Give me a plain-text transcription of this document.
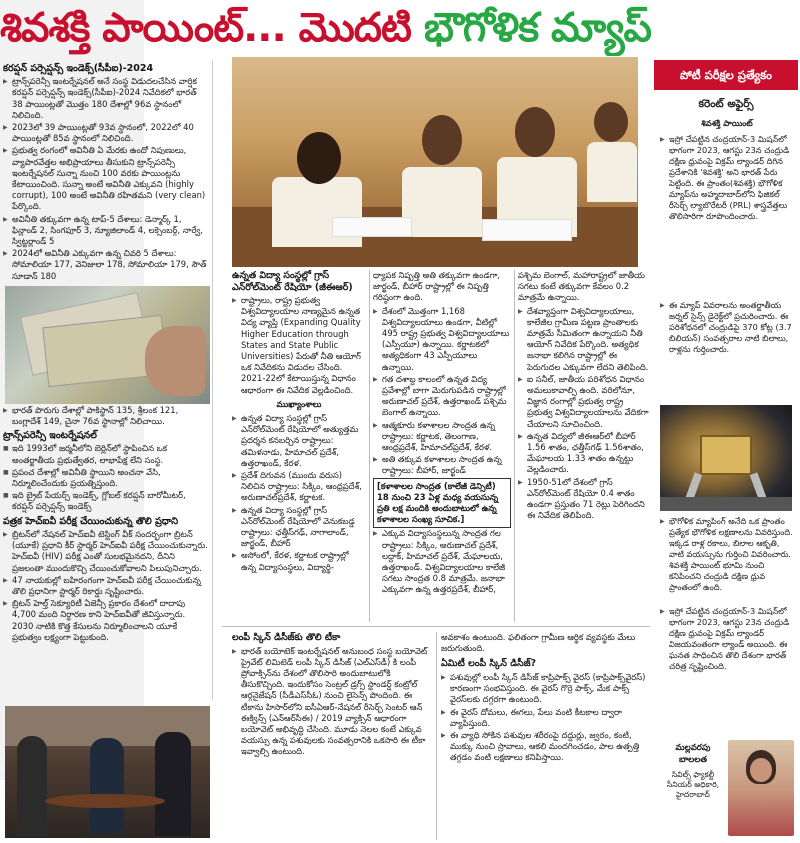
శివశక్తి పాయింట్... మొదటి భౌగోళిక మ్యాప్
కరప్షన్ పర్సెప్షన్స్ ఇండెక్స్(సీపీఐ)-2024
▶ ట్రాన్స్‌పరెన్సీ ఇంటర్నేషనల్ అనే సంస్థ విడుదలచేసిన వార్షిక కరప్షన్ పర్సెప్షన్స్ ఇండెక్స్(సీపీఐ)-2024 నివేదికలో భారత్ 38 పాయింట్లతో మొత్తం 180 దేశాల్లో 96వ స్థానంలో నిలిచింది.
▶ 2023లో 39 పాయింట్లతో 93వ స్థానంలో, 2022లో 40 పాయింట్లతో 85వ స్థానంలో నిలిచింది.
▶ ప్రభుత్వ రంగంలో అవినీతి ఏ మేరకు ఉందో నిపుణులు, వ్యాపారవేత్తల అభిప్రాయాలు తీసుకుని ట్రాన్స్‌పరెన్సీ ఇంటర్నేషనల్ సున్నా నుంచి 100 వరకు పాయింట్లను కేటాయించింది. సున్నా అంటే అవినీతి ఎక్కువని (highly corrupt), 100 అంటే అవినీతి రహితమని (very clean) పేర్కొంది.
▶ అవినీతి తక్కువగా ఉన్న టాప్-5 దేశాలు: డెన్మార్క్ 1, ఫిన్లాండ్ 2, సింగపూర్ 3, న్యూజిలాండ్ 4, లక్సెంబర్గ్, నార్వే, స్విట్జర్లాండ్ 5
▶ 2024లో అవినీతి ఎక్కువగా ఉన్న చివరి 5 దేశాలు: సోమాలియా 177, వెనిజులా 178, సోమాలియా 179, సౌత్ సూడాన్ 180
▶ భారత్ పొరుగు దేశాల్లో పాకిస్థాన్ 135, శ్రీలంక 121, బంగ్లాదేశ్ 149, చైనా 76వ స్థానాల్లో నిలిచాయి.
ట్రాన్స్‌పరెన్సీ ఇంటర్నేషనల్
■ ఇది 1993లో జర్మనీలోని బెర్లిన్‌లో స్థాపించిన ఒక అంతర్జాతీయ ప్రభుత్వేతర, లాభాపేక్ష లేని సంస్థ.
■ ప్రపంచ దేశాల్లో అవినీతి స్థాయిని అంచనా వేసి, నిర్మూలించేందుకు ప్రయత్నిస్తుంది.
■ ఇది బ్రైబ్ పేయర్స్ ఇండెక్స్, గ్లోబల్ కరప్షన్ బారోమీటర్, కరప్షన్ పర్సెప్షన్స్ ఇండెక్స్
పత్రక హెచ్ఐవీ పరీక్ష చేయించుకున్న తొలి ప్రధాని
▶ బ్రిటన్‌లో నేషనల్ హెచ్ఐవీ టెస్టింగ్ వీక్ సందర్భంగా బ్రిటన్ (యూకే) ప్రధాని కీర్ స్టార్మర్ హెచ్ఐవీ పరీక్ష చేయించుకున్నారు. హెచ్ఐవీ (HIV) పరీక్ష ఎంతో సులభమైనదని, దీనిని ప్రజలంతా ముందుకొచ్చి చేయించుకోవాలని పిలుపునిచ్చారు.
▶ 47 నాయకుల్లో బహిరంగంగా హెచ్ఐవీ పరీక్ష చేయించుకున్న తొలి ప్రధానిగా స్టార్మర్ రికార్డు సృష్టించారు.
▶ బ్రిటన్ హెల్త్ సెక్యూరిటీ ఏజెన్సీ ప్రకారం దేశంలో దాదాపు 4,700 మంది నిర్ధారణ కాని హెచ్ఐవీతో జీవిస్తున్నారు. 2030 నాటికి కొత్త కేసులను నిర్మూలించాలని యూకే ప్రభుత్వం లక్ష్యంగా పెట్టుకుంది.
ఉన్నత విద్యా సంస్థల్లో గ్రాస్ ఎన్‌రోల్‌మెంట్ రేషియో (జీఈఆర్)
▶ రాష్ట్రాలు, రాష్ట్ర ప్రభుత్వ విశ్వవిద్యాలయాల నాణ్యమైన ఉన్నత విద్య వ్యాప్తి (Expanding Quality Higher Education through States and State Public Universities) పేరుతో నీతి ఆయోగ్ ఒక నివేదికను విడుదల చేసింది. 2021-22లో కేటాయిస్తున్న విధానం ఆధారంగా ఈ నివేదిక వెల్లడించింది.
ముఖ్యాంశాలు
▶ ఉన్నత విద్యా సంస్థల్లో గ్రాస్ ఎన్‌రోల్‌మెంట్ రేషియోలో అత్యుత్తమ ప్రదర్శన కనబర్చిన రాష్ట్రాలు: తమిళనాడు, హిమాచల్ ప్రదేశ్, ఉత్తరాఖండ్, కేరళ.
▶ ప్రదేశ్ దిగువన (ముందు వరుస) నిలిచిన రాష్ట్రాలు: సిక్కిం, ఆంధ్రప్రదేశ్, అరుణాచల్‌ప్రదేశ్, కర్ణాటక.
▶ ఉన్నత విద్యా సంస్థల్లో గ్రాస్ ఎన్‌రోల్‌మెంట్ రేషియోలో వెనుకబడ్డ రాష్ట్రాలు: ఛత్తీస్‌గఢ్, నాగాలాండ్, జార్ఖండ్, బీహార్
▶ అసోంలో, కేరళ, కర్ణాటక రాష్ట్రాల్లో ఉన్న విద్యాసంస్థలు, విద్యార్థి-
ధ్యాపక నిష్పత్తి అతి తక్కువగా ఉండగా, జార్ఖండ్, బీహార్ రాష్ట్రాల్లో ఈ నిష్పత్తి గరిష్ఠంగా ఉంది.
▶ దేశంలో మొత్తంగా 1,168 విశ్వవిద్యాలయాలు ఉండగా, వీటిల్లో 495 రాష్ట్ర ప్రభుత్వ విశ్వవిద్యాలయాలు (ఎస్పీయూ) ఉన్నాయి. కర్ణాటకలో అత్యధికంగా 43 ఎస్పీయూలు ఉన్నాయి.
▶ గత దశాబ్ద కాలంలో ఉన్నత విద్య ప్రవేశాల్లో బాగా మెరుగుపడిన రాష్ట్రాల్లో అరుణాచల్ ప్రదేశ్, ఉత్తరాఖండ్ పశ్చిమ బెంగాల్ ఉన్నాయి.
▶ ఆత్మకూరు కళాశాలల సాంద్రత ఉన్న రాష్ట్రాలు: కర్ణాటక, తెలంగాణ, ఆంధ్రప్రదేశ్, హిమాచల్‌ప్రదేశ్, కేరళ.
▶ అతి తక్కువ కళాశాలల సాంద్రత ఉన్న రాష్ట్రాలు: బీహార్, జార్ఖండ్
[కళాశాలల సాంద్రత (కాలేజీ డెన్సిటీ) 18 నుంచి 23 ఏళ్ల మధ్య వయసున్న ప్రతి లక్ష మందికి అందుబాటులో ఉన్న కళాశాలల సంఖ్య సూచిక.]
▶ ఎక్కువ విద్యాసంస్థలున్న సాంద్రత గల రాష్ట్రాలు: సిక్కిం, అరుణాచల్ ప్రదేశ్, లద్దాక్, హిమాచల్ ప్రదేశ్, మేఘాలయ, ఉత్తరాఖండ్. విశ్వవిద్యాలయాల కాలేజీ సగటు సాంద్రత 0.8 మాత్రమే. జనాభా ఎక్కువగా ఉన్న ఉత్తరప్రదేశ్, బీహార్,
పశ్చిమ బెంగాల్, మహారాష్ట్రలో జాతీయ సగటు కంటే తక్కువగా కేవలం 0.2 మాత్రమే ఉన్నాయి.
▶ దేశవ్యాప్తంగా విశ్వవిద్యాలయాలు, కాలేజీల గ్రామీణ పట్టణ ప్రాంతాలకు మాత్రమే సీమితంగా ఉన్నాయని నీతి ఆయోగ్ నివేదిక పేర్కొంది. అత్యధిక జనాభా కలిగిన రాష్ట్రాల్లో ఈ పెరుగుదల ఎక్కువగా లేదని తెలిపింది.
▶ ఐ సనీల్, జాతీయ పరిశోధన విధానం అమలుకావాల్సి ఉంది. వరిలోనూ, విజ్ఞాన రంగాల్లో ప్రభుత్వ రాష్ట్ర ప్రభుత్వ విశ్వవిద్యాలయాలను వేదికగా చేయాలని సూచించింది.
▶ ఉన్నత విద్యలో జీఈఆర్‌లో బీహార్ 1.56 శాతం, ఛత్తీస్‌గఢ్ 1.56శాతం, మేఘాలయ 1.33 శాతం ఉన్నట్టు వెల్లడించారు.
▶ 1950-51లో దేశంలో గ్రాస్ ఎన్‌రోల్‌మెంట్ రేషియో 0.4 శాతం ఉండగా ప్రస్తుతం 71 రెట్లు పెరిగిందని ఈ నివేదిక తెలిపింది.
లంపీ స్కిన్ డిసీజ్‌కు తొలి టీకా
▶ భారత్ బయోటెక్ ఇంటర్నేషనల్ అనుబంధ సంస్థ బయోవెట్ ప్రైవేట్ లిమిటెడ్ లంపీ స్కిన్ డిసీజ్ (ఎల్ఎస్‌డీ) కి లంపీ ప్రోవాక్సిన్‌ను దేశంలో తొలిసారి అందుబాటులోకి తీసుకొచ్చింది. ఇందుకోసం సెంట్రల్ డ్రగ్స్ స్టాండర్డ్ కంట్రోల్ ఆర్గనైజేషన్ (సీడీఎస్‌సీఓ) నుంచి లైసెన్స్ పొందింది. ఈ టీకాను హిసార్‌లోని ఐసీఏఆర్-నేషనల్ రీసెర్చ్ సెంటర్ ఆన్ ఈక్విన్స్ (ఎన్ఆర్‌సీఈ) / 2019 వ్యాక్సిన్ ఆధారంగా బయోవెట్ అభివృద్ధి చేసింది. మూడు నెలల కంటే ఎక్కువ వయస్సు ఉన్న పశువులకు సంవత్సరానికి ఒకసారి ఈ టీకా ఇవ్వాల్సి ఉంటుంది.
అవకాశం ఉంటుంది. ఫలితంగా గ్రామీణ ఆర్థిక వ్యవస్థకు మేలు జరుగుతుంది.
ఏమిటీ లంపీ స్కిన్ డిసీజ్?
▶ పశువుల్లో లంపీ స్కిన్ డిసీజ్ కాప్రిపాక్స్ వైరస్ (కాప్రిపాక్స్‌వైరస్) కారణంగా సంభవిస్తుంది. ఈ వైరస్ గొర్రె పాక్స్, మేక పాక్స్ వైరస్‌లకు దగ్గరగా ఉంటుంది.
▶ ఈ వైరస్ దోమలు, ఈగలు, పేలు వంటి కీటకాల ద్వారా వ్యాపిస్తుంది.
▶ ఈ వ్యాధి సోకిన పశువుల శరీరంపై దద్దుర్లు, జ్వరం, కంటి, ముక్కు నుంచి స్రావాలు, ఆకలి మందగించడం, పాల ఉత్పత్తి తగ్గడం వంటి లక్షణాలు కనిపిస్తాయి.
పోటీ పరీక్షల ప్రత్యేకం
కరెంట్ అఫైర్స్
శివశక్తి పాయింట్
▶ ఇస్రో చేపట్టిన చంద్రయాన్-3 మిషన్‌లో భాగంగా 2023, ఆగస్టు 23న చంద్రుడి దక్షిణ ధ్రువంపై విక్రమ్ ల్యాండర్ దిగిన ప్రదేశానికి 'శివశక్తి' అని భారత్ పేరు పెట్టింది. ఈ ప్రాంతం(శివశక్తి) భౌగోళిక మ్యాప్‌ను అహ్మదాబాద్‌లోని ఫిజికల్ రీసెర్చ్ ల్యాబొరేటరీ (PRL) శాస్త్రవేత్తలు తొలిసారిగా రూపొందించారు.
▶ ఈ మ్యాప్ వివరాలను అంతర్జాతీయ జర్నల్ సైన్స్ డైరెక్ట్‌లో ప్రచురించారు. ఈ పరిశోధనలో చంద్రుడిపై 370 కోట్ల (3.7 బిలియన్) సంవత్సరాల నాటి బిలాలు, రాళ్లను గుర్తించారు.
▶ భౌగోళిక మ్యాపింగ్ అనేది ఒక ప్రాంతం ప్రత్యేక భౌగోళిక లక్షణాలను వివరిస్తుంది. ఇక్కడ రాళ్ల రకాలు, బిలాల ఆకృతి, వాటి వయస్సును గుర్తించి వివరించారు. శివశక్తి పాయింట్ భూమి నుంచి కనిపించని చంద్రుడి దక్షిణ ధ్రువ ప్రాంతంలో ఉంది.
▶ ఇస్రో చేపట్టిన చంద్రయాన్-3 మిషన్‌లో భాగంగా 2023, ఆగస్టు 23న చంద్రుడి దక్షిణ ధ్రువంపై విక్రమ్ ల్యాండర్ విజయవంతంగా ల్యాండ్ అయింది. ఈ ఘనత సాధించిన తొలి దేశంగా భారత్ చరిత్ర సృష్టించింది.
మల్లవరపు బాలలత
సివిల్స్ ఫ్యాకల్టీ సీనియర్ అధికారి, హైదరాబాద్
